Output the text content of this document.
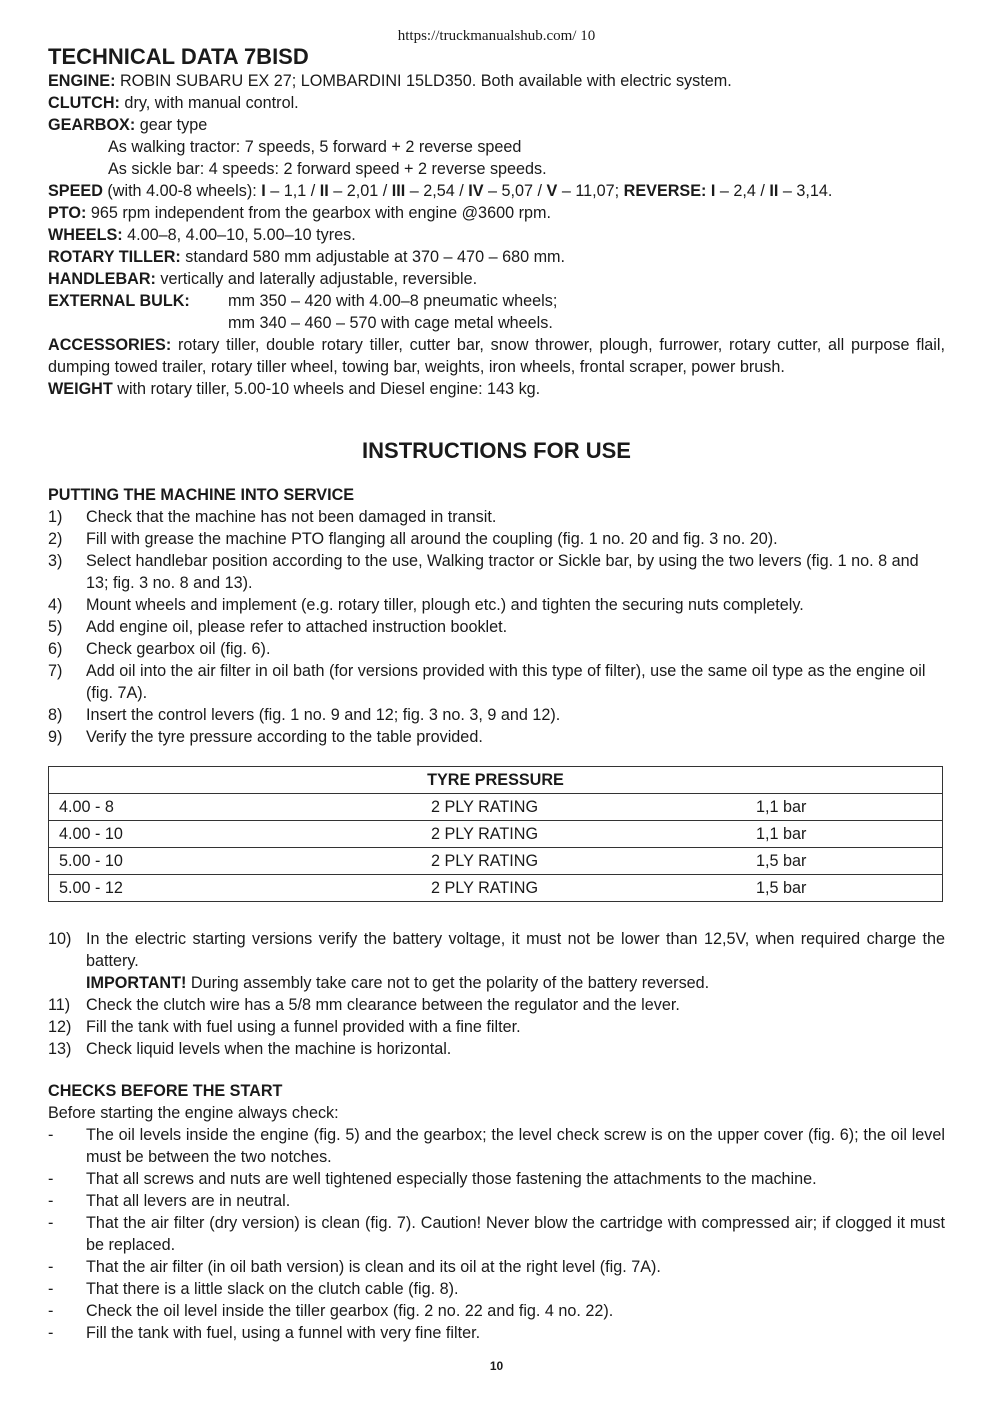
https://truckmanualshub.com/ 10
TECHNICAL DATA 7BISD

ENGINE: ROBIN SUBARU EX 27; LOMBARDINI 15LD350. Both available with electric system.

CLUTCH: dry, with manual control.

GEARBOX: gear type

As walking tractor: 7 speeds, 5 forward + 2 reverse speed

As sickle bar: 4 speeds: 2 forward speed + 2 reverse speeds.

SPEED (with 4.00-8 wheels): I – 1,1 / II – 2,01 / III – 2,54 / IV – 5,07 / V – 11,07; REVERSE: I – 2,4 / II – 3,14.

PTO: 965 rpm independent from the gearbox with engine @3600 rpm.

WHEELS: 4.00–8, 4.00–10, 5.00–10 tyres.

ROTARY TILLER: standard 580 mm adjustable at 370 – 470 – 680 mm.

HANDLEBAR: vertically and laterally adjustable, reversible.

EXTERNAL BULK:	mm 350 – 420 with 4.00–8 pneumatic wheels;
mm 340 – 460 – 570 with cage metal wheels.

ACCESSORIES: rotary tiller, double rotary tiller, cutter bar, snow thrower, plough, furrower, rotary cutter, all purpose flail, dumping towed trailer, rotary tiller wheel, towing bar, weights, iron wheels, frontal scraper, power brush.

WEIGHT with rotary tiller, 5.00-10 wheels and Diesel engine: 143 kg.

INSTRUCTIONS FOR USE

PUTTING THE MACHINE INTO SERVICE

1)	Check that the machine has not been damaged in transit.
2)	Fill with grease the machine PTO flanging all around the coupling (fig. 1 no. 20 and fig. 3 no. 20).
3)	Select handlebar position according to the use, Walking tractor or Sickle bar, by using the two levers (fig. 1 no. 8 and 13; fig. 3 no. 8 and 13).
4)	Mount wheels and implement (e.g. rotary tiller, plough etc.) and tighten the securing nuts completely.
5)	Add engine oil, please refer to attached instruction booklet.
6)	Check gearbox oil (fig. 6).
7)	Add oil into the air filter in oil bath (for versions provided with this type of filter), use the same oil type as the engine oil (fig. 7A).
8)	Insert the control levers (fig. 1 no. 9 and 12; fig. 3 no. 3, 9 and 12).
9)	Verify the tyre pressure according to the table provided.
TYRE PRESSURE		
4.00 - 8	2 PLY RATING	1,1 bar
4.00 - 10	2 PLY RATING	1,1 bar
5.00 - 10	2 PLY RATING	1,5 bar
5.00 - 12	2 PLY RATING	1,5 bar
10) In the electric starting versions verify the battery voltage, it must not be lower than 12,5V, when required charge the battery.

IMPORTANT! During assembly take care not to get the polarity of the battery reversed.

11) Check the clutch wire has a 5/8 mm clearance between the regulator and the lever.
12) Fill the tank with fuel using a funnel provided with a fine filter.
13) Check liquid levels when the machine is horizontal.

CHECKS BEFORE THE START

Before starting the engine always check:

-	The oil levels inside the engine (fig. 5) and the gearbox; the level check screw is on the upper cover (fig. 6); the oil level must be between the two notches.
-	That all screws and nuts are well tightened especially those fastening the attachments to the machine.
-	That all levers are in neutral.
-	That the air filter (dry version) is clean (fig. 7). Caution! Never blow the cartridge with compressed air; if clogged it must be replaced.
-	That the air filter (in oil bath version) is clean and its oil at the right level (fig. 7A).
-	That there is a little slack on the clutch cable (fig. 8).
-	Check the oil level inside the tiller gearbox (fig. 2 no. 22 and fig. 4 no. 22).
-	Fill the tank with fuel, using a funnel with very fine filter.
10
